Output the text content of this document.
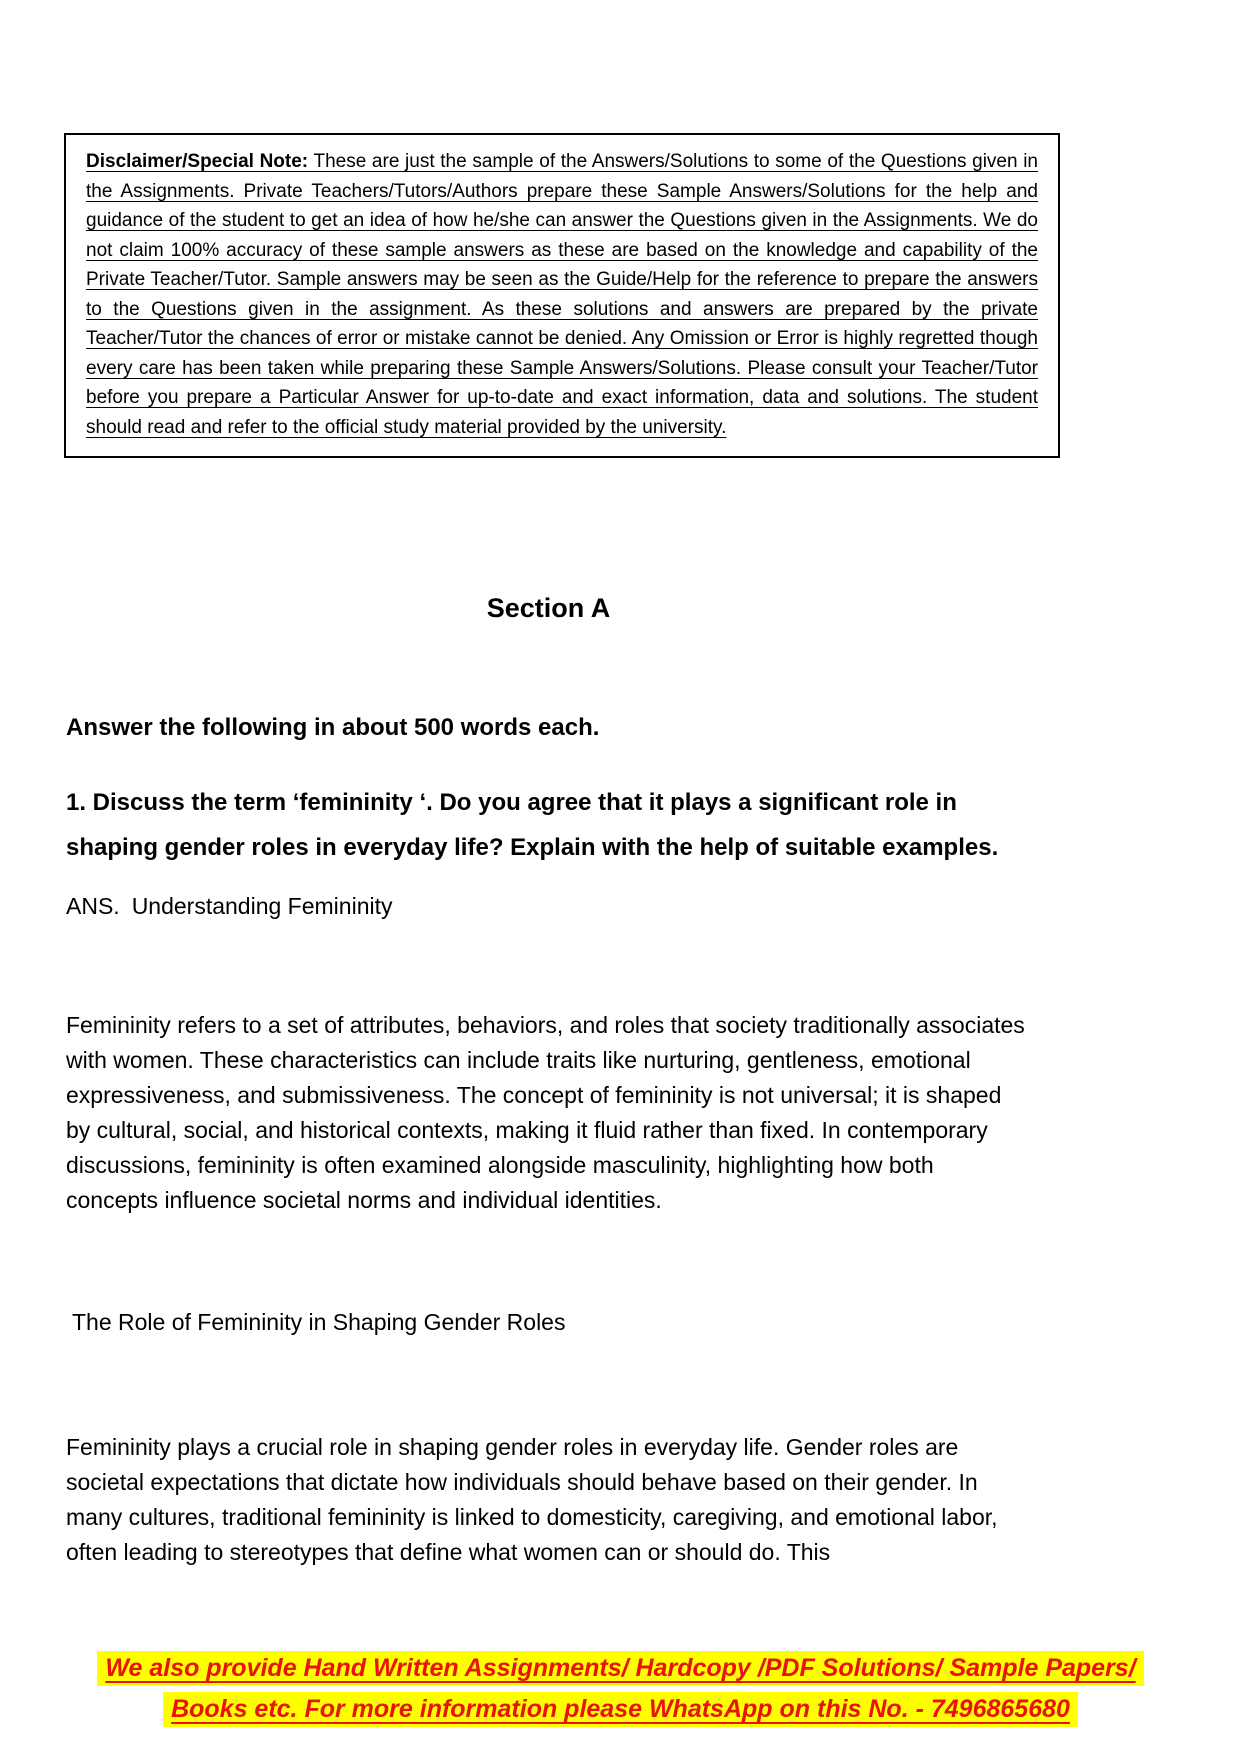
Disclaimer/Special Note: These are just the sample of the Answers/Solutions to some of the Questions given in the Assignments. Private Teachers/Tutors/Authors prepare these Sample Answers/Solutions for the help and guidance of the student to get an idea of how he/she can answer the Questions given in the Assignments. We do not claim 100% accuracy of these sample answers as these are based on the knowledge and capability of the Private Teacher/Tutor. Sample answers may be seen as the Guide/Help for the reference to prepare the answers to the Questions given in the assignment. As these solutions and answers are prepared by the private Teacher/Tutor the chances of error or mistake cannot be denied. Any Omission or Error is highly regretted though every care has been taken while preparing these Sample Answers/Solutions. Please consult your Teacher/Tutor before you prepare a Particular Answer for up-to-date and exact information, data and solutions. The student should read and refer to the official study material provided by the university.

Section A

Answer the following in about 500 words each.

1. Discuss the term ‘femininity ‘. Do you agree that it plays a significant role in shaping gender roles in everyday life? Explain with the help of suitable examples.

ANS. Understanding Femininity

Femininity refers to a set of attributes, behaviors, and roles that society traditionally associates with women. These characteristics can include traits like nurturing, gentleness, emotional expressiveness, and submissiveness. The concept of femininity is not universal; it is shaped by cultural, social, and historical contexts, making it fluid rather than fixed. In contemporary discussions, femininity is often examined alongside masculinity, highlighting how both concepts influence societal norms and individual identities.

The Role of Femininity in Shaping Gender Roles

Femininity plays a crucial role in shaping gender roles in everyday life. Gender roles are societal expectations that dictate how individuals should behave based on their gender. In many cultures, traditional femininity is linked to domesticity, caregiving, and emotional labor, often leading to stereotypes that define what women can or should do. This

We also provide Hand Written Assignments/ Hardcopy /PDF Solutions/ Sample Papers/
Books etc. For more information please WhatsApp on this No. - 7496865680
